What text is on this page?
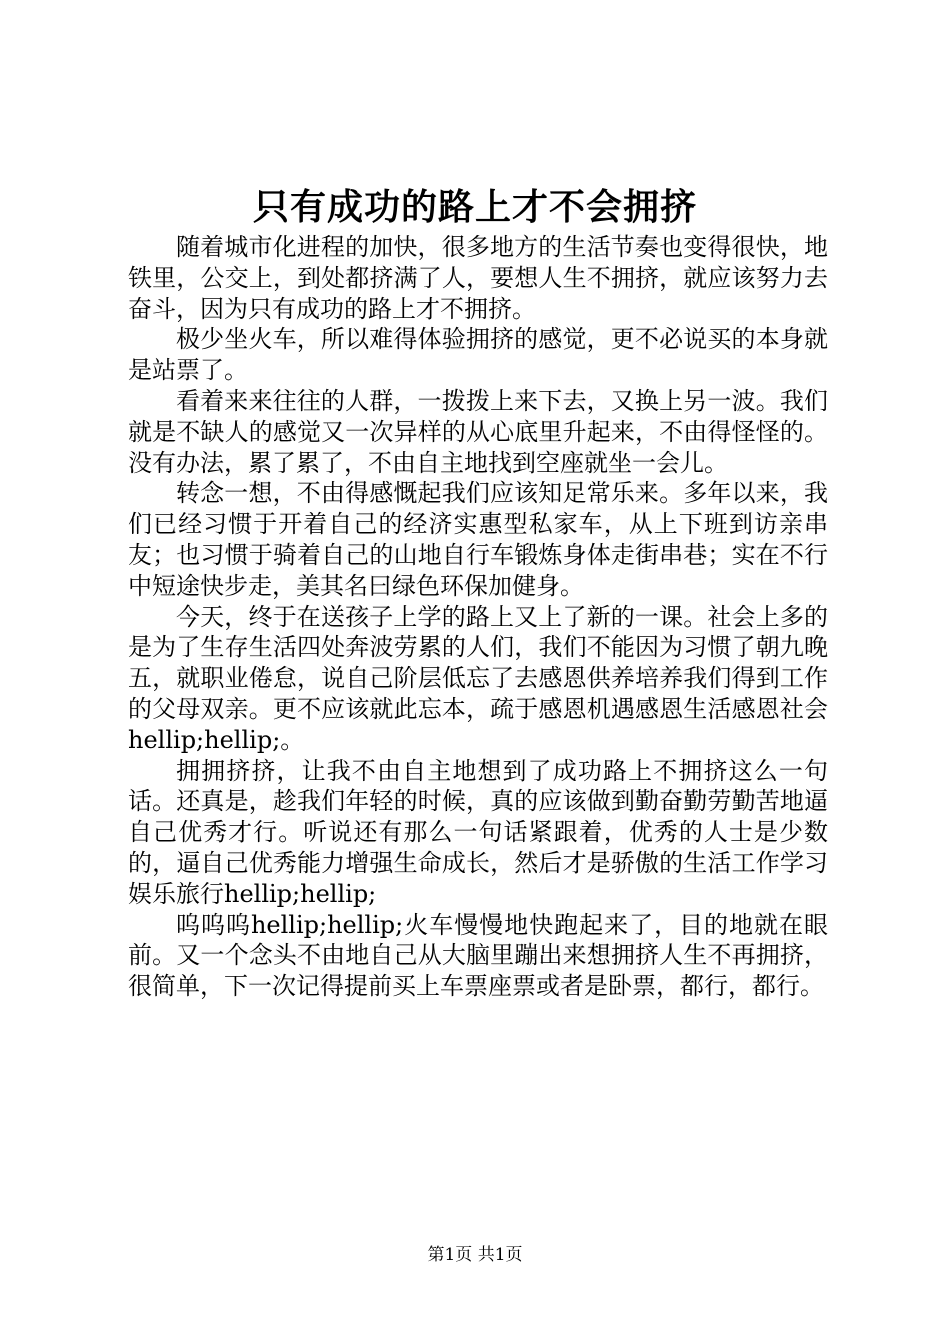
只有成功的路上才不会拥挤

随着城市化进程的加快，很多地方的生活节奏也变得很快，地铁里，公交上，到处都挤满了人，要想人生不拥挤，就应该努力去奋斗，因为只有成功的路上才不拥挤。

极少坐火车，所以难得体验拥挤的感觉，更不必说买的本身就是站票了。

看着来来往往的人群，一拨拨上来下去，又换上另一波。我们就是不缺人的感觉又一次异样的从心底里升起来，不由得怪怪的。没有办法，累了累了，不由自主地找到空座就坐一会儿。

转念一想，不由得感慨起我们应该知足常乐来。多年以来，我们已经习惯于开着自己的经济实惠型私家车，从上下班到访亲串友；也习惯于骑着自己的山地自行车锻炼身体走街串巷；实在不行中短途快步走，美其名曰绿色环保加健身。

今天，终于在送孩子上学的路上又上了新的一课。社会上多的是为了生存生活四处奔波劳累的人们，我们不能因为习惯了朝九晚五，就职业倦怠，说自己阶层低忘了去感恩供养培养我们得到工作的父母双亲。更不应该就此忘本，疏于感恩机遇感恩生活感恩社会hellip;hellip;。

拥拥挤挤，让我不由自主地想到了成功路上不拥挤这么一句话。还真是，趁我们年轻的时候，真的应该做到勤奋勤劳勤苦地逼自己优秀才行。听说还有那么一句话紧跟着，优秀的人士是少数的，逼自己优秀能力增强生命成长，然后才是骄傲的生活工作学习娱乐旅行hellip;hellip;

呜呜呜hellip;hellip;火车慢慢地快跑起来了，目的地就在眼前。又一个念头不由地自己从大脑里蹦出来想拥挤人生不再拥挤，很简单，下一次记得提前买上车票座票或者是卧票，都行，都行。

第1页 共1页
